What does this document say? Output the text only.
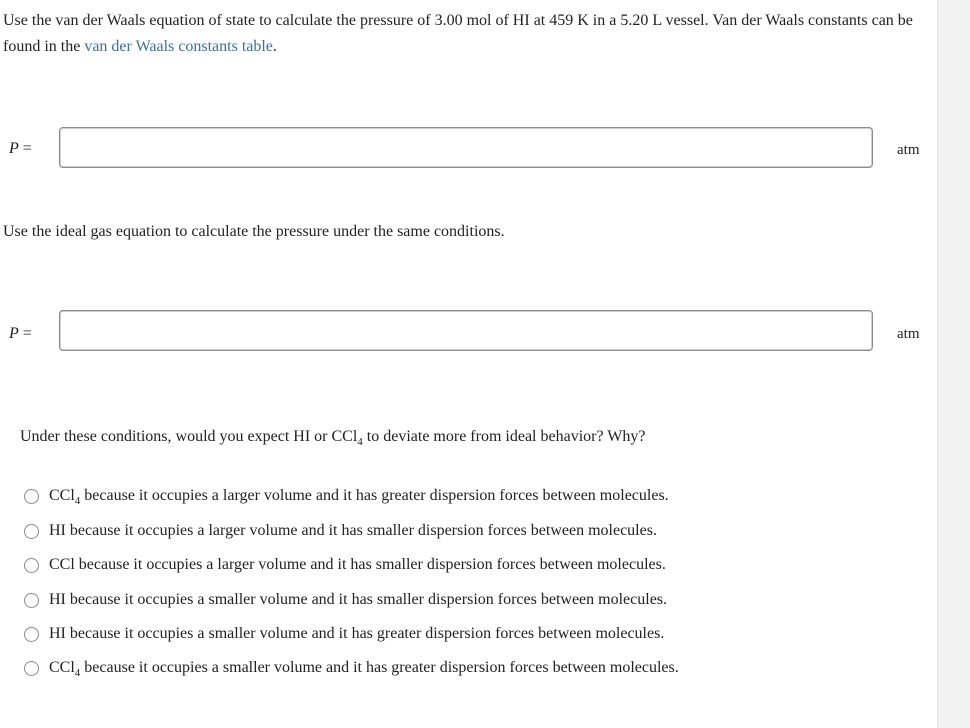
Use the van der Waals equation of state to calculate the pressure of 3.00 mol of HI at 459 K in a 5.20 L vessel. Van der Waals constants can be found in the van der Waals constants table.
P =	atm
Use the ideal gas equation to calculate the pressure under the same conditions.
P =	atm
Under these conditions, would you expect HI or CCl$_4$ to deviate more from ideal behavior? Why?
CCl$_4$ because it occupies a larger volume and it has greater dispersion forces between molecules.
HI because it occupies a larger volume and it has smaller dispersion forces between molecules.
CCl because it occupies a larger volume and it has smaller dispersion forces between molecules.
HI because it occupies a smaller volume and it has smaller dispersion forces between molecules.
HI because it occupies a smaller volume and it has greater dispersion forces between molecules.
CCl$_4$ because it occupies a smaller volume and it has greater dispersion forces between molecules.
